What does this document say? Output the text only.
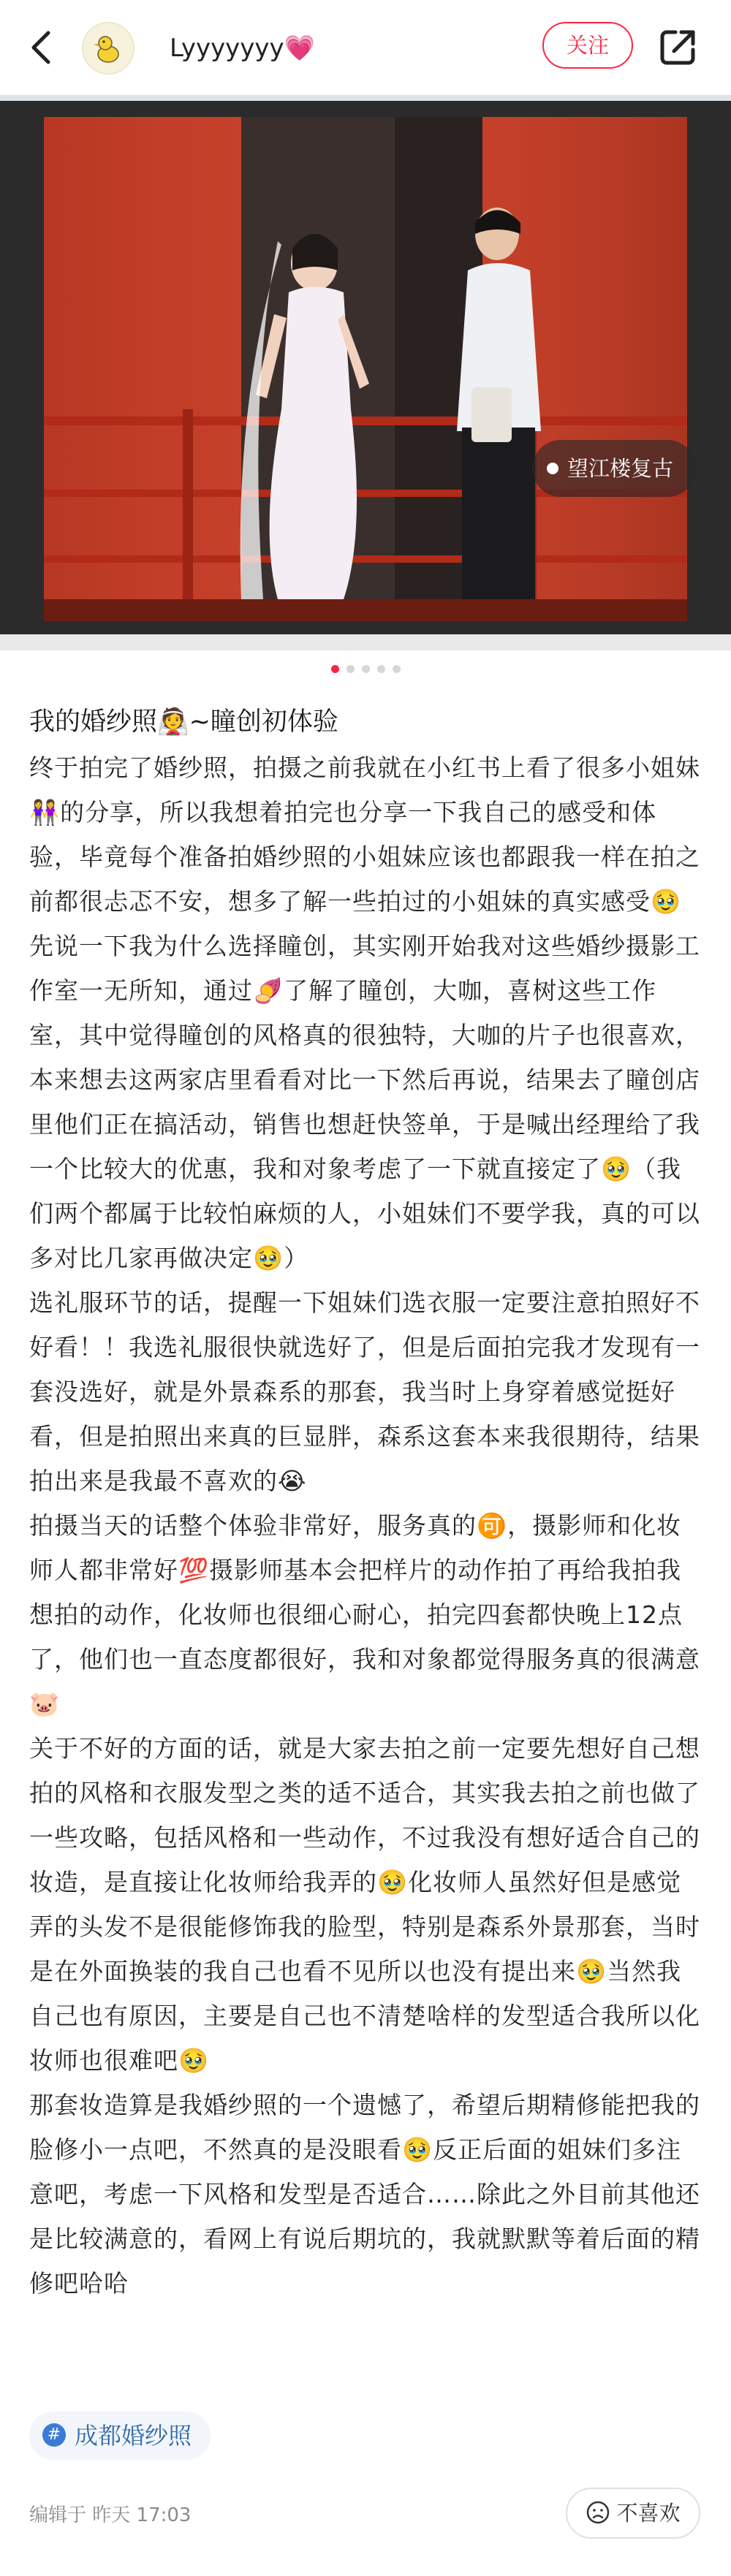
Lyyyyyyy💗	关注
望江楼复古
我的婚纱照👰~瞳创初体验

终于拍完了婚纱照，拍摄之前我就在小红书上看了很多小姐妹👭的分享，所以我想着拍完也分享一下我自己的感受和体验，毕竟每个准备拍婚纱照的小姐妹应该也都跟我一样在拍之前都很忐忑不安，想多了解一些拍过的小姐妹的真实感受🥹

先说一下我为什么选择瞳创，其实刚开始我对这些婚纱摄影工作室一无所知，通过🍠了解了瞳创，大咖，喜树这些工作室，其中觉得瞳创的风格真的很独特，大咖的片子也很喜欢，本来想去这两家店里看看对比一下然后再说，结果去了瞳创店里他们正在搞活动，销售也想赶快签单，于是喊出经理给了我一个比较大的优惠，我和对象考虑了一下就直接定了🥹（我们两个都属于比较怕麻烦的人，小姐妹们不要学我，真的可以多对比几家再做决定🥹）

选礼服环节的话，提醒一下姐妹们选衣服一定要注意拍照好不好看！！我选礼服很快就选好了，但是后面拍完我才发现有一套没选好，就是外景森系的那套，我当时上身穿着感觉挺好看，但是拍照出来真的巨显胖，森系这套本来我很期待，结果拍出来是我最不喜欢的😭

拍摄当天的话整个体验非常好，服务真的🉑，摄影师和化妆师人都非常好💯摄影师基本会把样片的动作拍了再给我拍我想拍的动作，化妆师也很细心耐心，拍完四套都快晚上12点了，他们也一直态度都很好，我和对象都觉得服务真的很满意🐷

关于不好的方面的话，就是大家去拍之前一定要先想好自己想拍的风格和衣服发型之类的适不适合，其实我去拍之前也做了一些攻略，包括风格和一些动作，不过我没有想好适合自己的妆造，是直接让化妆师给我弄的🥹化妆师人虽然好但是感觉弄的头发不是很能修饰我的脸型，特别是森系外景那套，当时是在外面换装的我自己也看不见所以也没有提出来🥹当然我自己也有原因，主要是自己也不清楚啥样的发型适合我所以化妆师也很难吧🥹

那套妆造算是我婚纱照的一个遗憾了，希望后期精修能把我的脸修小一点吧，不然真的是没眼看🥹反正后面的姐妹们多注意吧，考虑一下风格和发型是否适合……除此之外目前其他还是比较满意的，看网上有说后期坑的，我就默默等着后面的精修吧哈哈

# 成都婚纱照
编辑于 昨天 17:03	不喜欢
